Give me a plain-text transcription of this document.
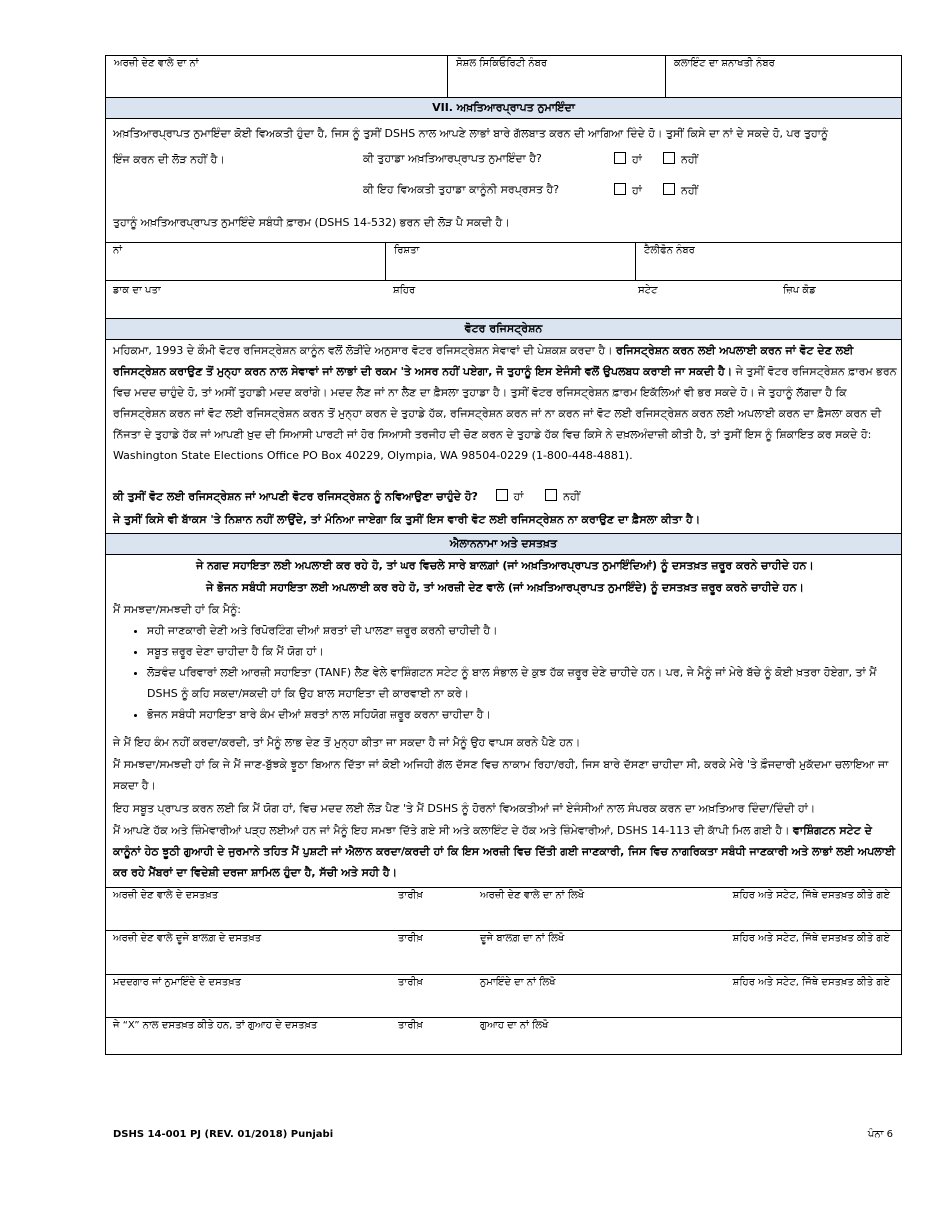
ਅਰਜ਼ੀ ਦੇਣ ਵਾਲੇ ਦਾ ਨਾਂ	ਸੋਸ਼ਲ ਸਿਕਿਓਰਿਟੀ ਨੰਬਰ	ਕਲਾਇੰਟ ਦਾ ਸ਼ਨਾਖਤੀ ਨੰਬਰ
VII. ਅਖ਼ਤਿਆਰਪ੍ਰਾਪਤ ਨੁਮਾਇੰਦਾ
ਅਖ਼ਤਿਆਰਪ੍ਰਾਪਤ ਨੁਮਾਇੰਦਾ ਕੋਈ ਵਿਅਕਤੀ ਹੁੰਦਾ ਹੈ, ਜਿਸ ਨੂੰ ਤੁਸੀਂ DSHS ਨਾਲ ਆਪਣੇ ਲਾਭਾਂ ਬਾਰੇ ਗੱਲਬਾਤ ਕਰਨ ਦੀ ਆਗਿਆ ਦਿੰਦੇ ਹੋ। ਤੁਸੀਂ ਕਿਸੇ ਦਾ ਨਾਂ ਦੇ ਸਕਦੇ ਹੋ, ਪਰ ਤੁਹਾਨੂੰ
ਇੰਜ ਕਰਨ ਦੀ ਲੋੜ ਨਹੀਂ ਹੈ।	ਕੀ ਤੁਹਾਡਾ ਅਖ਼ਤਿਆਰਪ੍ਰਾਪਤ ਨੁਮਾਇੰਦਾ ਹੈ?	ਹਾਂ	ਨਹੀਂ
ਕੀ ਇਹ ਵਿਅਕਤੀ ਤੁਹਾਡਾ ਕਾਨੂੰਨੀ ਸਰਪ੍ਰਸਤ ਹੈ?	ਹਾਂ	ਨਹੀਂ
ਤੁਹਾਨੂੰ ਅਖ਼ਤਿਆਰਪ੍ਰਾਪਤ ਨੁਮਾਇੰਦੇ ਸਬੰਧੀ ਫ਼ਾਰਮ (DSHS 14-532) ਭਰਨ ਦੀ ਲੋੜ ਪੈ ਸਕਦੀ ਹੈ।
ਨਾਂ	ਰਿਸ਼ਤਾ	ਟੈਲੀਫੋਨ ਨੰਬਰ
ਡਾਕ ਦਾ ਪਤਾ	ਸ਼ਹਿਰ	ਸਟੇਟ	ਜ਼ਿਪ ਕੋਡ
ਵੋਟਰ ਰਜਿਸਟ੍ਰੇਸ਼ਨ
ਮਹਿਕਮਾ, 1993 ਦੇ ਕੌਮੀ ਵੋਟਰ ਰਜਿਸਟ੍ਰੇਸ਼ਨ ਕਾਨੂੰਨ ਵਲੋਂ ਲੋੜੀਂਦੇ ਅਨੁਸਾਰ ਵੋਟਰ ਰਜਿਸਟ੍ਰੇਸ਼ਨ ਸੇਵਾਵਾਂ ਦੀ ਪੇਸ਼ਕਸ਼ ਕਰਦਾ ਹੈ। ਰਜਿਸਟ੍ਰੇਸ਼ਨ ਕਰਨ ਲਈ ਅਪਲਾਈ ਕਰਨ ਜਾਂ ਵੋਟ ਦੇਣ ਲਈ ਰਜਿਸਟ੍ਰੇਸ਼ਨ ਕਰਾਉਣ ਤੋਂ ਮੁਨ੍ਹਾ ਕਰਨ ਨਾਲ ਸੇਵਾਵਾਂ ਜਾਂ ਲਾਭਾਂ ਦੀ ਰਕਮ 'ਤੇ ਅਸਰ ਨਹੀਂ ਪਏਗਾ, ਜੋ ਤੁਹਾਨੂੰ ਇਸ ਏਜੰਸੀ ਵਲੋਂ ਉਪਲਬਧ ਕਰਾਈ ਜਾ ਸਕਦੀ ਹੈ। ਜੇ ਤੁਸੀਂ ਵੋਟਰ ਰਜਿਸਟ੍ਰੇਸ਼ਨ ਫ਼ਾਰਮ ਭਰਨ ਵਿਚ ਮਦਦ ਚਾਹੁੰਦੇ ਹੋ, ਤਾਂ ਅਸੀਂ ਤੁਹਾਡੀ ਮਦਦ ਕਰਾਂਗੇ। ਮਦਦ ਲੈਣ ਜਾਂ ਨਾ ਲੈਣ ਦਾ ਫ਼ੈਸਲਾ ਤੁਹਾਡਾ ਹੈ। ਤੁਸੀਂ ਵੋਟਰ ਰਜਿਸਟ੍ਰੇਸ਼ਨ ਫ਼ਾਰਮ ਇਕੱਲਿਆਂ ਵੀ ਭਰ ਸਕਦੇ ਹੋ। ਜੇ ਤੁਹਾਨੂੰ ਲੱਗਦਾ ਹੈ ਕਿ ਰਜਿਸਟ੍ਰੇਸ਼ਨ ਕਰਨ ਜਾਂ ਵੋਟ ਲਈ ਰਜਿਸਟ੍ਰੇਸ਼ਨ ਕਰਨ ਤੋਂ ਮੁਨ੍ਹਾ ਕਰਨ ਦੇ ਤੁਹਾਡੇ ਹੱਕ, ਰਜਿਸਟ੍ਰੇਸ਼ਨ ਕਰਨ ਜਾਂ ਨਾ ਕਰਨ ਜਾਂ ਵੋਟ ਲਈ ਰਜਿਸਟ੍ਰੇਸ਼ਨ ਕਰਨ ਲਈ ਅਪਲਾਈ ਕਰਨ ਦਾ ਫ਼ੈਸਲਾ ਕਰਨ ਦੀ ਨਿੱਜਤਾ ਦੇ ਤੁਹਾਡੇ ਹੱਕ ਜਾਂ ਆਪਣੀ ਖ਼ੁਦ ਦੀ ਸਿਆਸੀ ਪਾਰਟੀ ਜਾਂ ਹੋਰ ਸਿਆਸੀ ਤਰਜੀਹ ਦੀ ਚੋਣ ਕਰਨ ਦੇ ਤੁਹਾਡੇ ਹੱਕ ਵਿਚ ਕਿਸੇ ਨੇ ਦਖ਼ਲਅੰਦਾਜ਼ੀ ਕੀਤੀ ਹੈ, ਤਾਂ ਤੁਸੀਂ ਇਸ ਨੂੰ ਸ਼ਿਕਾਇਤ ਕਰ ਸਕਦੇ ਹੋ: Washington State Elections Office PO Box 40229, Olympia, WA 98504-0229 (1-800-448-4881).
ਕੀ ਤੁਸੀਂ ਵੋਟ ਲਈ ਰਜਿਸਟ੍ਰੇਸ਼ਨ ਜਾਂ ਆਪਣੀ ਵੋਟਰ ਰਜਿਸਟ੍ਰੇਸ਼ਨ ਨੂੰ ਨਵਿਆਉਣਾ ਚਾਹੁੰਦੇ ਹੋ?	ਹਾਂ	ਨਹੀਂ
ਜੇ ਤੁਸੀਂ ਕਿਸੇ ਵੀ ਬਾੱਕਸ 'ਤੇ ਨਿਸ਼ਾਨ ਨਹੀਂ ਲਾਉਂਦੇ, ਤਾਂ ਮੰਨਿਆ ਜਾਏਗਾ ਕਿ ਤੁਸੀਂ ਇਸ ਵਾਰੀ ਵੋਟ ਲਈ ਰਜਿਸਟ੍ਰੇਸ਼ਨ ਨਾ ਕਰਾਉਣ ਦਾ ਫ਼ੈਸਲਾ ਕੀਤਾ ਹੈ।
ਐਲਾਨਨਾਮਾ ਅਤੇ ਦਸਤਖ਼ਤ
ਜੇ ਨਗਦ ਸਹਾਇਤਾ ਲਈ ਅਪਲਾਈ ਕਰ ਰਹੇ ਹੋ, ਤਾਂ ਘਰ ਵਿਚਲੇ ਸਾਰੇ ਬਾਲਗ਼ਾਂ (ਜਾਂ ਅਖ਼ਤਿਆਰਪ੍ਰਾਪਤ ਨੁਮਾਇੰਦਿਆਂ) ਨੂੰ ਦਸਤਖ਼ਤ ਜ਼ਰੂਰ ਕਰਨੇ ਚਾਹੀਦੇ ਹਨ।
ਜੇ ਭੋਜਨ ਸਬੰਧੀ ਸਹਾਇਤਾ ਲਈ ਅਪਲਾਈ ਕਰ ਰਹੇ ਹੋ, ਤਾਂ ਅਰਜ਼ੀ ਦੇਣ ਵਾਲੇ (ਜਾਂ ਅਖ਼ਤਿਆਰਪ੍ਰਾਪਤ ਨੁਮਾਇੰਦੇ) ਨੂੰ ਦਸਤਖ਼ਤ ਜ਼ਰੂਰ ਕਰਨੇ ਚਾਹੀਦੇ ਹਨ।
ਮੈਂ ਸਮਝਦਾ/ਸਮਝਦੀ ਹਾਂ ਕਿ ਮੈਨੂੰ:
• ਸਹੀ ਜਾਣਕਾਰੀ ਦੇਣੀ ਅਤੇ ਰਿਪੋਰਟਿੰਗ ਦੀਆਂ ਸ਼ਰਤਾਂ ਦੀ ਪਾਲਣਾ ਜ਼ਰੂਰ ਕਰਨੀ ਚਾਹੀਦੀ ਹੈ।
• ਸਬੂਤ ਜ਼ਰੂਰ ਦੇਣਾ ਚਾਹੀਦਾ ਹੈ ਕਿ ਮੈਂ ਯੋਗ ਹਾਂ।
• ਲੋੜਵੰਦ ਪਰਿਵਾਰਾਂ ਲਈ ਆਰਜ਼ੀ ਸਹਾਇਤਾ (TANF) ਲੈਣ ਵੇਲੇ ਵਾਸ਼ਿੰਗਟਨ ਸਟੇਟ ਨੂੰ ਬਾਲ ਸੰਭਾਲ ਦੇ ਕੁਝ ਹੱਕ ਜ਼ਰੂਰ ਦੇਣੇ ਚਾਹੀਦੇ ਹਨ। ਪਰ, ਜੇ ਮੈਨੂੰ ਜਾਂ ਮੇਰੇ ਬੱਚੇ ਨੂੰ ਕੋਈ ਖ਼ਤਰਾ ਹੋਏਗਾ, ਤਾਂ ਮੈਂ DSHS ਨੂੰ ਕਹਿ ਸਕਦਾ/ਸਕਦੀ ਹਾਂ ਕਿ ਉਹ ਬਾਲ ਸਹਾਇਤਾ ਦੀ ਕਾਰਵਾਈ ਨਾ ਕਰੇ।
• ਭੋਜਨ ਸਬੰਧੀ ਸਹਾਇਤਾ ਬਾਰੇ ਕੰਮ ਦੀਆਂ ਸ਼ਰਤਾਂ ਨਾਲ ਸਹਿਯੋਗ ਜ਼ਰੂਰ ਕਰਨਾ ਚਾਹੀਦਾ ਹੈ।
ਜੇ ਮੈਂ ਇਹ ਕੰਮ ਨਹੀਂ ਕਰਦਾ/ਕਰਦੀ, ਤਾਂ ਮੈਨੂੰ ਲਾਭ ਦੇਣ ਤੋਂ ਮੁਨ੍ਹਾ ਕੀਤਾ ਜਾ ਸਕਦਾ ਹੈ ਜਾਂ ਮੈਨੂੰ ਉਹ ਵਾਪਸ ਕਰਨੇ ਪੈਣੇ ਹਨ।
ਮੈਂ ਸਮਝਦਾ/ਸਮਝਦੀ ਹਾਂ ਕਿ ਜੇ ਮੈਂ ਜਾਣ-ਬੁੱਝਕੇ ਝੂਠਾ ਬਿਆਨ ਦਿੱਤਾ ਜਾਂ ਕੋਈ ਅਜਿਹੀ ਗੱਲ ਦੱਸਣ ਵਿਚ ਨਾਕਾਮ ਰਿਹਾ/ਰਹੀ, ਜਿਸ ਬਾਰੇ ਦੱਸਣਾ ਚਾਹੀਦਾ ਸੀ, ਕਰਕੇ ਮੇਰੇ 'ਤੇ ਫ਼ੌਜਦਾਰੀ ਮੁਕੱਦਮਾ ਚਲਾਇਆ ਜਾ ਸਕਦਾ ਹੈ।
ਇਹ ਸਬੂਤ ਪ੍ਰਾਪਤ ਕਰਨ ਲਈ ਕਿ ਮੈਂ ਯੋਗ ਹਾਂ, ਵਿਚ ਮਦਦ ਲਈ ਲੋੜ ਪੈਣ 'ਤੇ ਮੈਂ DSHS ਨੂੰ ਹੋਰਨਾਂ ਵਿਅਕਤੀਆਂ ਜਾਂ ਏਜੰਸੀਆਂ ਨਾਲ ਸੰਪਰਕ ਕਰਨ ਦਾ ਅਖ਼ਤਿਆਰ ਦਿੰਦਾ/ਦਿੰਦੀ ਹਾਂ।
ਮੈਂ ਆਪਣੇ ਹੱਕ ਅਤੇ ਜ਼ਿੰਮੇਵਾਰੀਆਂ ਪੜ੍ਹ ਲਈਆਂ ਹਨ ਜਾਂ ਮੈਨੂੰ ਇਹ ਸਮਝਾ ਦਿੱਤੇ ਗਏ ਸੀ ਅਤੇ ਕਲਾਇੰਟ ਦੇ ਹੱਕ ਅਤੇ ਜ਼ਿੰਮੇਵਾਰੀਆਂ, DSHS 14-113 ਦੀ ਕਾੱਪੀ ਮਿਲ ਗਈ ਹੈ। ਵਾਸ਼ਿੰਗਟਨ ਸਟੇਟ ਦੇ ਕਾਨੂੰਨਾਂ ਹੇਠ ਝੂਠੀ ਗੁਆਹੀ ਦੇ ਜੁਰਮਾਨੇ ਤਹਿਤ ਮੈਂ ਪੁਸ਼ਟੀ ਜਾਂ ਐਲਾਨ ਕਰਦਾ/ਕਰਦੀ ਹਾਂ ਕਿ ਇਸ ਅਰਜ਼ੀ ਵਿਚ ਦਿੱਤੀ ਗਈ ਜਾਣਕਾਰੀ, ਜਿਸ ਵਿਚ ਨਾਗਰਿਕਤਾ ਸਬੰਧੀ ਜਾਣਕਾਰੀ ਅਤੇ ਲਾਭਾਂ ਲਈ ਅਪਲਾਈ ਕਰ ਰਹੇ ਮੈਂਬਰਾਂ ਦਾ ਵਿਦੇਸ਼ੀ ਦਰਜਾ ਸ਼ਾਮਿਲ ਹੁੰਦਾ ਹੈ, ਸੱਚੀ ਅਤੇ ਸਹੀ ਹੈ।
ਅਰਜ਼ੀ ਦੇਣ ਵਾਲੇ ਦੇ ਦਸਤਖ਼ਤ	ਤਾਰੀਖ਼	ਅਰਜ਼ੀ ਦੇਣ ਵਾਲੇ ਦਾ ਨਾਂ ਲਿਖੋ	ਸ਼ਹਿਰ ਅਤੇ ਸਟੇਟ, ਜਿੱਥੇ ਦਸਤਖ਼ਤ ਕੀਤੇ ਗਏ
ਅਰਜ਼ੀ ਦੇਣ ਵਾਲੇ ਦੂਜੇ ਬਾਲਗ਼ ਦੇ ਦਸਤਖ਼ਤ	ਤਾਰੀਖ਼	ਦੂਜੇ ਬਾਲਗ਼ ਦਾ ਨਾਂ ਲਿਖੋ	ਸ਼ਹਿਰ ਅਤੇ ਸਟੇਟ, ਜਿੱਥੇ ਦਸਤਖ਼ਤ ਕੀਤੇ ਗਏ
ਮਦਦਗਾਰ ਜਾਂ ਨੁਮਾਇੰਦੇ ਦੇ ਦਸਤਖ਼ਤ	ਤਾਰੀਖ਼	ਨੁਮਾਇੰਦੇ ਦਾ ਨਾਂ ਲਿਖੋ	ਸ਼ਹਿਰ ਅਤੇ ਸਟੇਟ, ਜਿੱਥੇ ਦਸਤਖ਼ਤ ਕੀਤੇ ਗਏ
ਜੇ “X” ਨਾਲ ਦਸਤਖ਼ਤ ਕੀਤੇ ਹਨ, ਤਾਂ ਗੁਆਹ ਦੇ ਦਸਤਖ਼ਤ	ਤਾਰੀਖ਼	ਗੁਆਹ ਦਾ ਨਾਂ ਲਿਖੋ
DSHS 14-001 PJ (REV. 01/2018) Punjabi	ਪੰਨਾ 6
